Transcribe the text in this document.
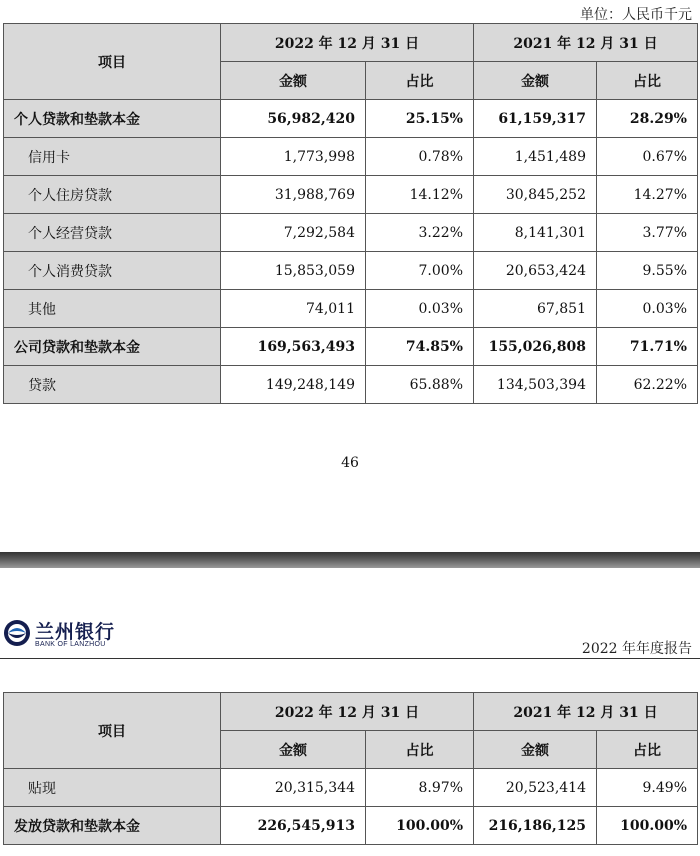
单位：人民币千元
项目	2022 年 12 月 31 日		2021 年 12 月 31 日	
	金额	占比	金额	占比
个人贷款和垫款本金	56,982,420	25.15%	61,159,317	28.29%
信用卡	1,773,998	0.78%	1,451,489	0.67%
个人住房贷款	31,988,769	14.12%	30,845,252	14.27%
个人经营贷款	7,292,584	3.22%	8,141,301	3.77%
个人消费贷款	15,853,059	7.00%	20,653,424	9.55%
其他	74,011	0.03%	67,851	0.03%
公司贷款和垫款本金	169,563,493	74.85%	155,026,808	71.71%
贷款	149,248,149	65.88%	134,503,394	62.22%
46
兰州银行
BANK OF LANZHOU	2022 年年度报告
项目	2022 年 12 月 31 日		2021 年 12 月 31 日	
	金额	占比	金额	占比
贴现	20,315,344	8.97%	20,523,414	9.49%
发放贷款和垫款本金	226,545,913	100.00%	216,186,125	100.00%
